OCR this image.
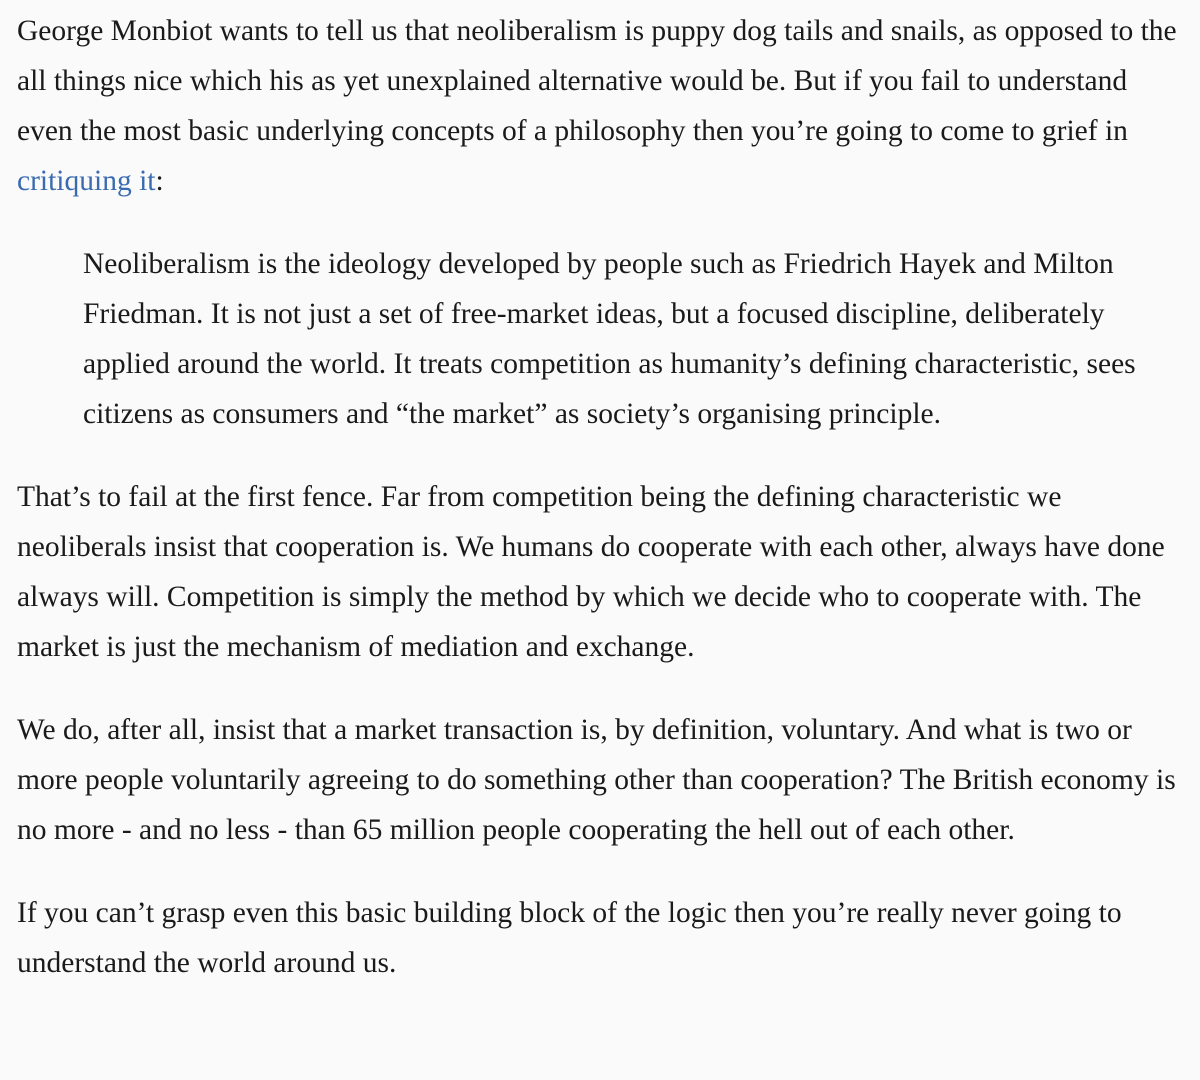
George Monbiot wants to tell us that neoliberalism is puppy dog tails and snails, as opposed to the all things nice which his as yet unexplained alternative would be. But if you fail to understand even the most basic underlying concepts of a philosophy then you’re going to come to grief in critiquing it:

Neoliberalism is the ideology developed by people such as Friedrich Hayek and Milton Friedman. It is not just a set of free-market ideas, but a focused discipline, deliberately applied around the world. It treats competition as humanity’s defining characteristic, sees citizens as consumers and “the market” as society’s organising principle.

That’s to fail at the first fence. Far from competition being the defining characteristic we neoliberals insist that cooperation is. We humans do cooperate with each other, always have done always will. Competition is simply the method by which we decide who to cooperate with. The market is just the mechanism of mediation and exchange.

We do, after all, insist that a market transaction is, by definition, voluntary. And what is two or more people voluntarily agreeing to do something other than cooperation? The British economy is no more - and no less - than 65 million people cooperating the hell out of each other.

If you can’t grasp even this basic building block of the logic then you’re really never going to understand the world around us.
